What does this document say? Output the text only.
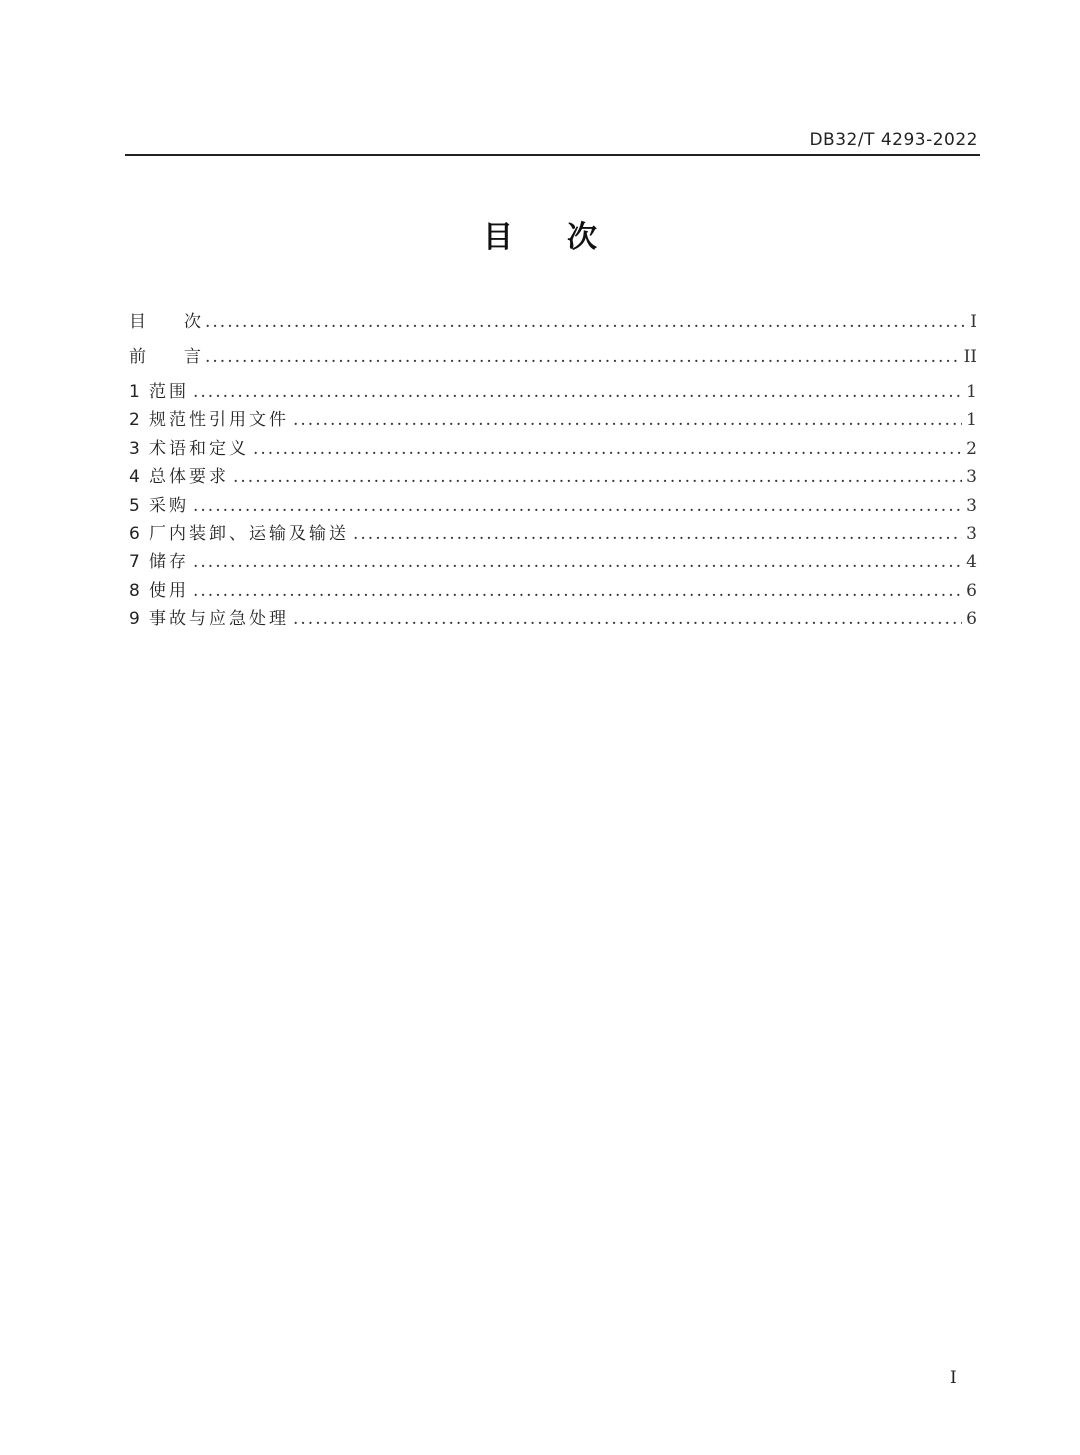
DB32/T 4293-2022
目次
目 次 .....	I
前 言 .....	II
1 范围 .....	1
2 规范性引用文件 .....	1
3 术语和定义 .....	2
4 总体要求 .....	3
5 采购 .....	3
6 厂内装卸、运输及输送 .....	3
7 储存 .....	4
8 使用 .....	6
9 事故与应急处理 .....	6
I
